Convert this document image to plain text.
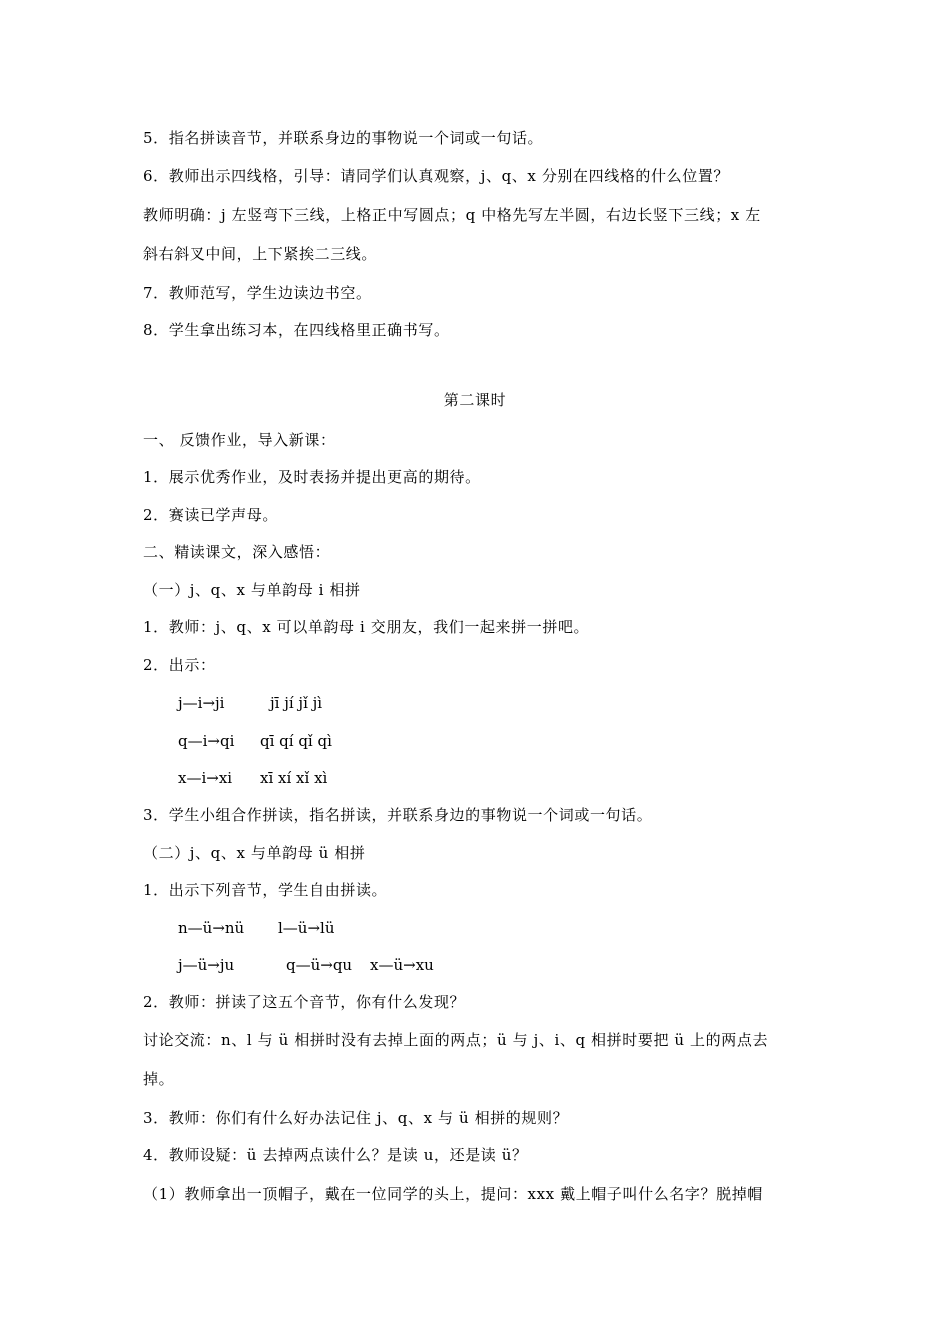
5．指名拼读音节，并联系身边的事物说一个词或一句话。
6．教师出示四线格，引导：请同学们认真观察，j、q、x 分别在四线格的什么位置？
教师明确：j 左竖弯下三线，上格正中写圆点；q 中格先写左半圆，右边长竖下三线；x 左
斜右斜叉中间，上下紧挨二三线。
7．教师范写，学生边读边书空。
8．学生拿出练习本，在四线格里正确书写。
第二课时
一、 反馈作业，导入新课：
1．展示优秀作业，及时表扬并提出更高的期待。
2．赛读已学声母。
二、精读课文，深入感悟：
（一）j、q、x 与单韵母 i 相拼
1．教师：j、q、x 可以单韵母 i 交朋友，我们一起来拼一拼吧。
2．出示：
j—i→ji	jī jí jǐ jì
q—i→qi qī qí qǐ qì
x—i→xi xī xí xǐ xì
3．学生小组合作拼读，指名拼读，并联系身边的事物说一个词或一句话。
（二）j、q、x 与单韵母 ü 相拼
1．出示下列音节，学生自由拼读。
n—ü→nü l—ü→lü
j—ü→ju	q—ü→qu x—ü→xu
2．教师：拼读了这五个音节，你有什么发现？
讨论交流：n、l 与 ü 相拼时没有去掉上面的两点；ü 与 j、i、q 相拼时要把 ü 上的两点去
掉。
3．教师：你们有什么好办法记住 j、q、x 与 ü 相拼的规则？
4．教师设疑：ü 去掉两点读什么？是读 u，还是读 ü？
（1）教师拿出一顶帽子，戴在一位同学的头上，提问：xxx 戴上帽子叫什么名字？脱掉帽
